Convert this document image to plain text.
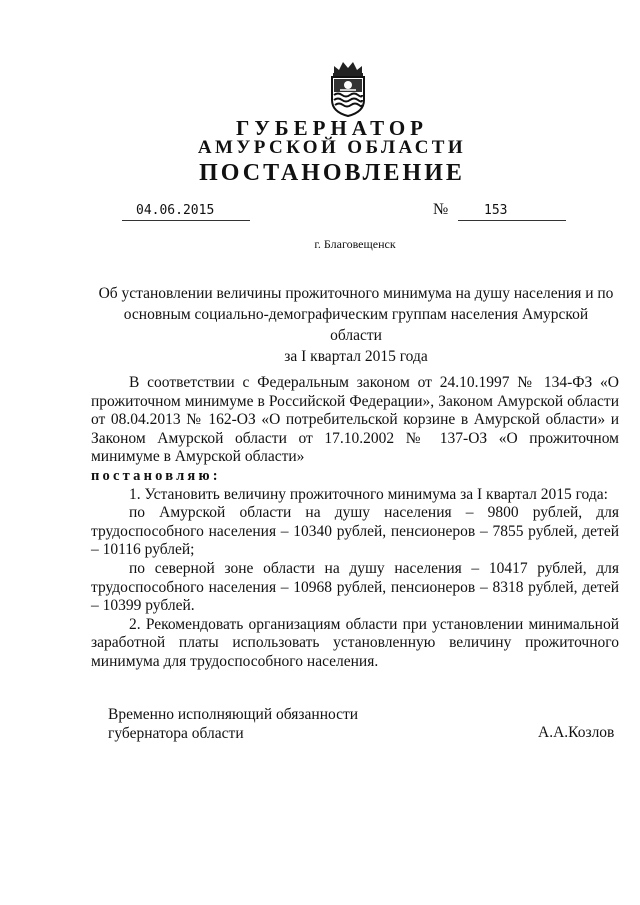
ГУБЕРНАТОР
АМУРСКОЙ ОБЛАСТИ
ПОСТАНОВЛЕНИЕ
04.06.2015	№	153
г. Благовещенск
Об установлении величины прожиточного минимума на душу населения и по
основным социально-демографическим группам населения Амурской области
за I квартал 2015 года

В соответствии с Федеральным законом от 24.10.1997 № 134-ФЗ «О прожиточном минимуме в Российской Федерации», Законом Амурской области от 08.04.2013 № 162-ОЗ «О потребительской корзине в Амурской области» и Законом Амурской области от 17.10.2002 № 137-ОЗ «О прожиточном минимуме в Амурской области»

постановляю:

1. Установить величину прожиточного минимума за I квартал 2015 года:

по Амурской области на душу населения – 9800 рублей, для трудоспособного населения – 10340 рублей, пенсионеров – 7855 рублей, детей – 10116 рублей;

по северной зоне области на душу населения – 10417 рублей, для трудоспособного населения – 10968 рублей, пенсионеров – 8318 рублей, детей – 10399 рублей.

2. Рекомендовать организациям области при установлении минимальной заработной платы использовать установленную величину прожиточного минимума для трудоспособного населения.

Временно исполняющий обязанности
губернатора области	А.А.Козлов
